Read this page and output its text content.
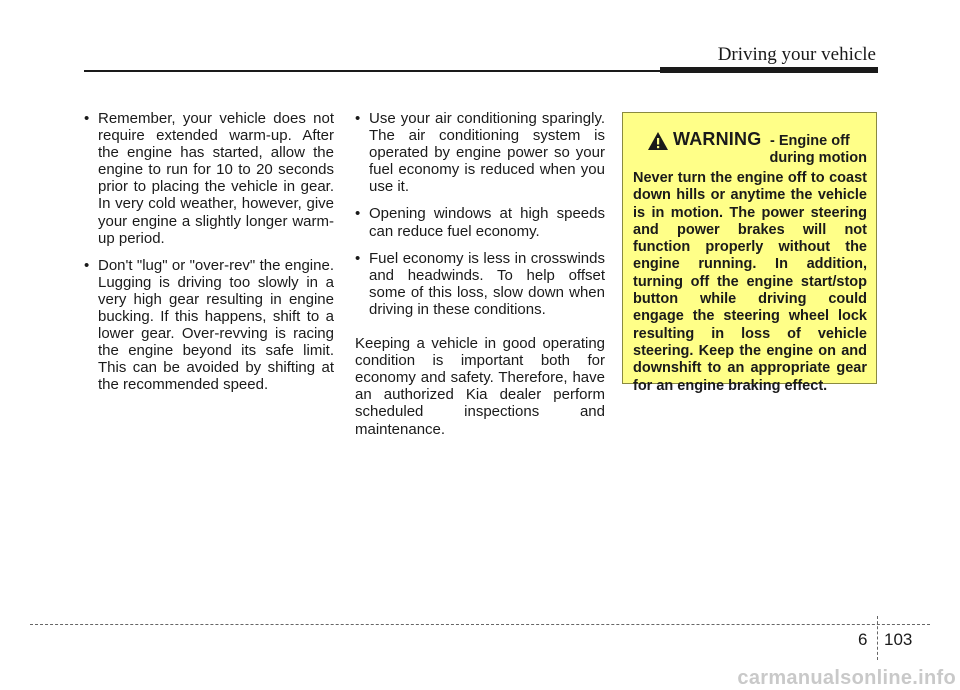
Driving your vehicle
• Remember, your vehicle does not require extended warm-up. After the engine has started, allow the engine to run for 10 to 20 seconds prior to placing the vehicle in gear. In very cold weather, however, give your engine a slightly longer warm-up period.
• Don't "lug" or "over-rev" the engine. Lugging is driving too slowly in a very high gear resulting in engine bucking. If this happens, shift to a lower gear. Over-revving is racing the engine beyond its safe limit. This can be avoided by shifting at the recommended speed.
• Use your air conditioning sparingly. The air conditioning system is operated by engine power so your fuel economy is reduced when you use it.
• Opening windows at high speeds can reduce fuel economy.
• Fuel economy is less in crosswinds and headwinds. To help offset some of this loss, slow down when driving in these conditions.

Keeping a vehicle in good operating condition is important both for economy and safety. Therefore, have an authorized Kia dealer perform scheduled inspections and maintenance.

WARNING - Engine off
during motion
Never turn the engine off to coast down hills or anytime the vehicle is in motion. The power steering and power brakes will not function properly without the engine running. In addition, turning off the engine start/stop button while driving could engage the steering wheel lock resulting in loss of vehicle steering. Keep the engine on and downshift to an appropriate gear for an engine braking effect.
6 103
carmanualsonline.info
